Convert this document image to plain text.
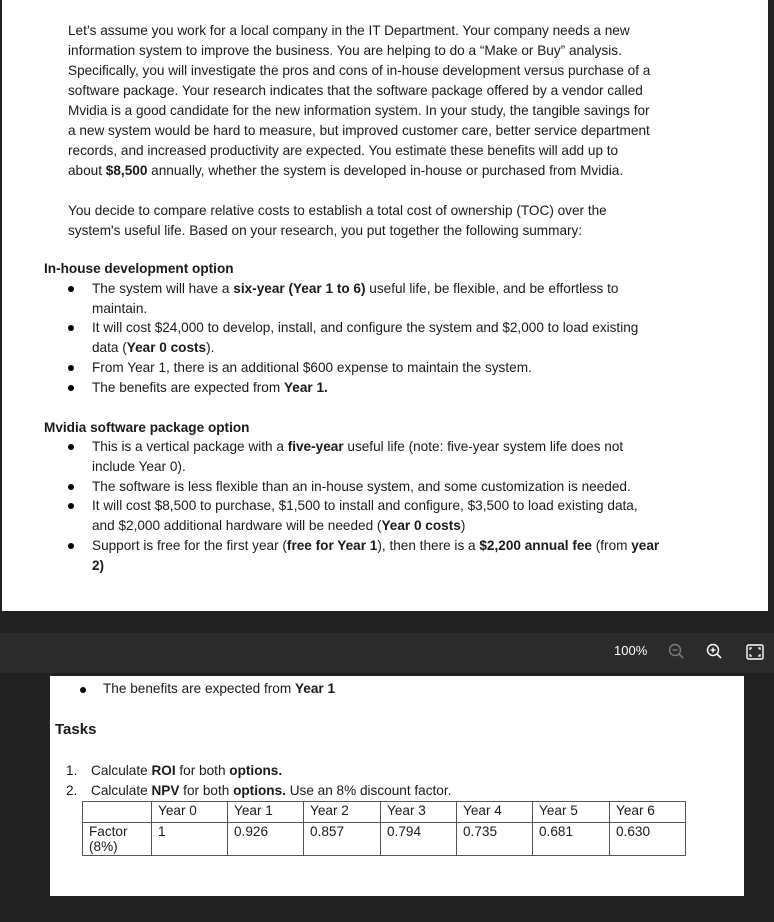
Let’s assume you work for a local company in the IT Department. Your company needs a new
information system to improve the business. You are helping to do a “Make or Buy” analysis.
Specifically, you will investigate the pros and cons of in-house development versus purchase of a
software package. Your research indicates that the software package offered by a vendor called
Mvidia is a good candidate for the new information system. In your study, the tangible savings for
a new system would be hard to measure, but improved customer care, better service department
records, and increased productivity are expected. You estimate these benefits will add up to
about $8,500 annually, whether the system is developed in-house or purchased from Mvidia.
You decide to compare relative costs to establish a total cost of ownership (TOC) over the
system's useful life. Based on your research, you put together the following summary:
In-house development option
The system will have a six-year (Year 1 to 6) useful life, be flexible, and be effortless to
maintain.
It will cost $24,000 to develop, install, and configure the system and $2,000 to load existing
data (Year 0 costs).
From Year 1, there is an additional $600 expense to maintain the system.
The benefits are expected from Year 1.
Mvidia software package option
This is a vertical package with a five-year useful life (note: five-year system life does not
include Year 0).
The software is less flexible than an in-house system, and some customization is needed.
It will cost $8,500 to purchase, $1,500 to install and configure, $3,500 to load existing data,
and $2,000 additional hardware will be needed (Year 0 costs)
Support is free for the first year (free for Year 1), then there is a $2,200 annual fee (from year
2)
100%
The benefits are expected from Year 1
Tasks
1. Calculate ROI for both options.
2. Calculate NPV for both options. Use an 8% discount factor.
	Year 0	Year 1	Year 2	Year 3	Year 4	Year 5	Year 6
Factor
(8%)	1	0.926	0.857	0.794	0.735	0.681	0.630
